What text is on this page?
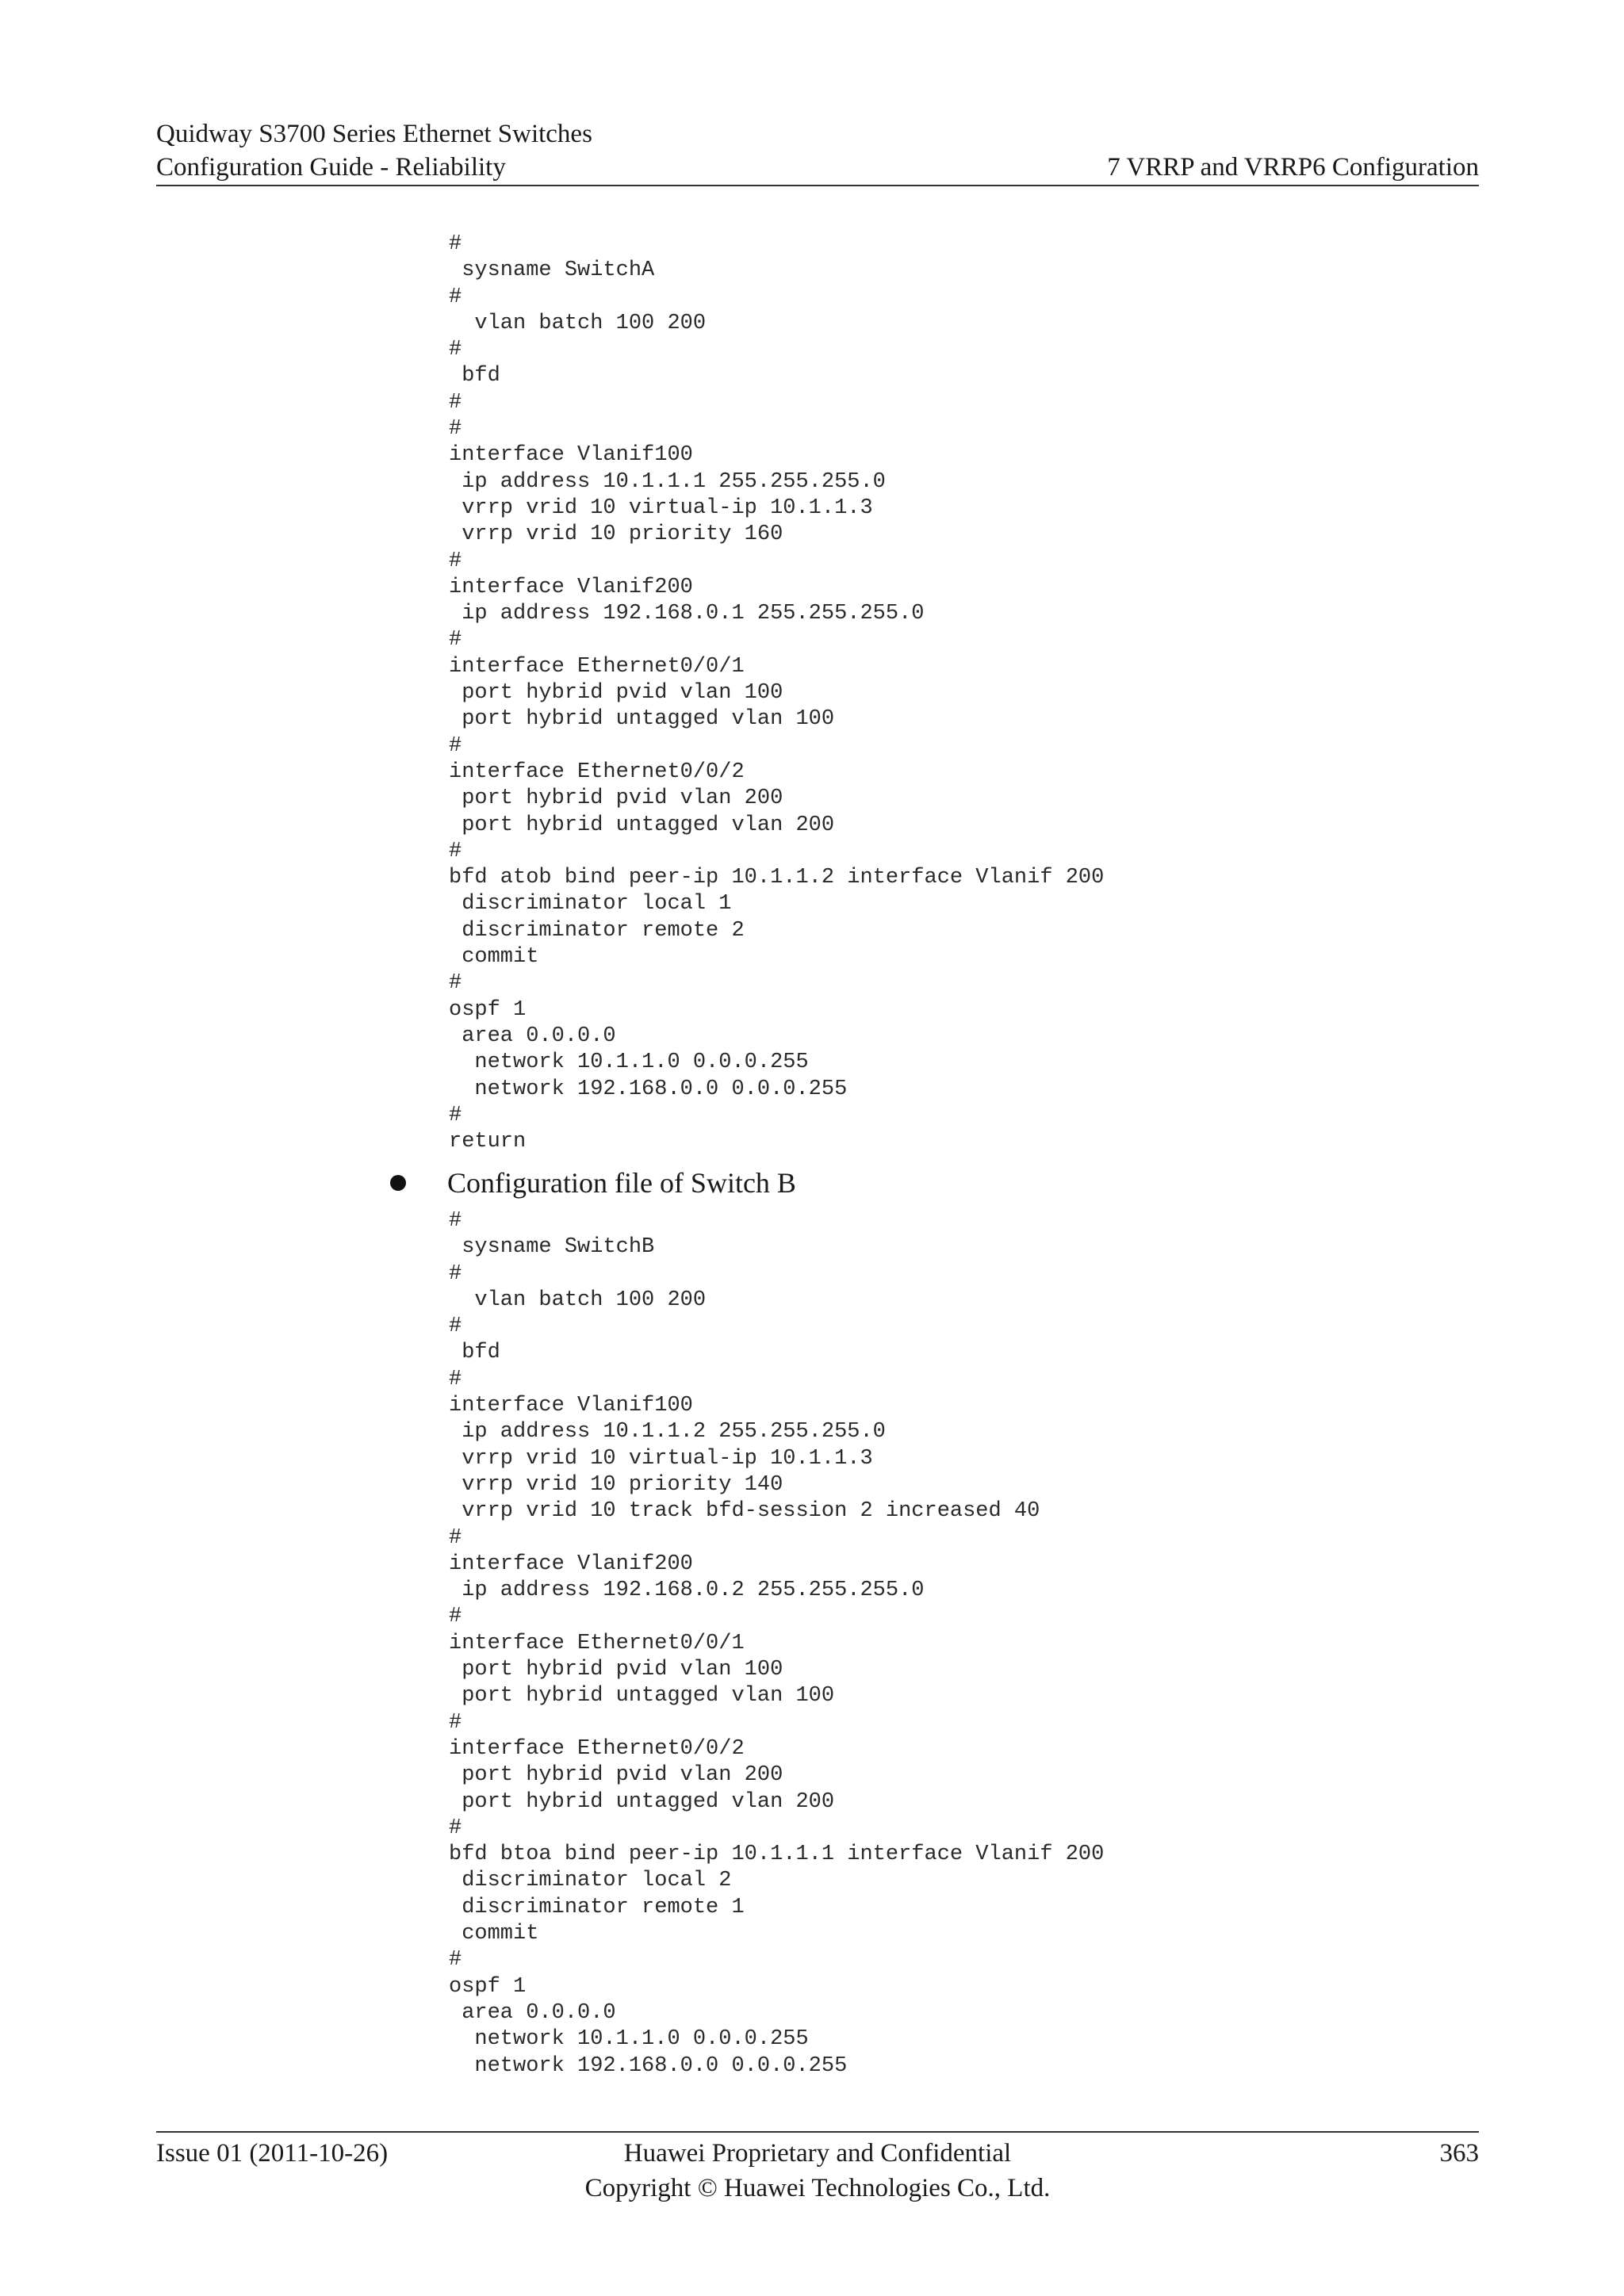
Quidway S3700 Series Ethernet Switches
Configuration Guide - Reliability	7 VRRP and VRRP6 Configuration
#
sysname SwitchA
#
vlan batch 100 200
#
bfd
#
#
interface Vlanif100
ip address 10.1.1.1 255.255.255.0
vrrp vrid 10 virtual-ip 10.1.1.3
vrrp vrid 10 priority 160
#
interface Vlanif200
ip address 192.168.0.1 255.255.255.0
#
interface Ethernet0/0/1
port hybrid pvid vlan 100
port hybrid untagged vlan 100
#
interface Ethernet0/0/2
port hybrid pvid vlan 200
port hybrid untagged vlan 200
#
bfd atob bind peer-ip 10.1.1.2 interface Vlanif 200
discriminator local 1
discriminator remote 2
commit
#
ospf 1
area 0.0.0.0
network 10.1.1.0 0.0.0.255
network 192.168.0.0 0.0.0.255
#
return
Configuration file of Switch B
#
sysname SwitchB
#
vlan batch 100 200
#
bfd
#
interface Vlanif100
ip address 10.1.1.2 255.255.255.0
vrrp vrid 10 virtual-ip 10.1.1.3
vrrp vrid 10 priority 140
vrrp vrid 10 track bfd-session 2 increased 40
#
interface Vlanif200
ip address 192.168.0.2 255.255.255.0
#
interface Ethernet0/0/1
port hybrid pvid vlan 100
port hybrid untagged vlan 100
#
interface Ethernet0/0/2
port hybrid pvid vlan 200
port hybrid untagged vlan 200
#
bfd btoa bind peer-ip 10.1.1.1 interface Vlanif 200
discriminator local 2
discriminator remote 1
commit
#
ospf 1
area 0.0.0.0
network 10.1.1.0 0.0.0.255
network 192.168.0.0 0.0.0.255
Issue 01 (2011-10-26)	Huawei Proprietary and Confidential
Copyright © Huawei Technologies Co., Ltd.
363
